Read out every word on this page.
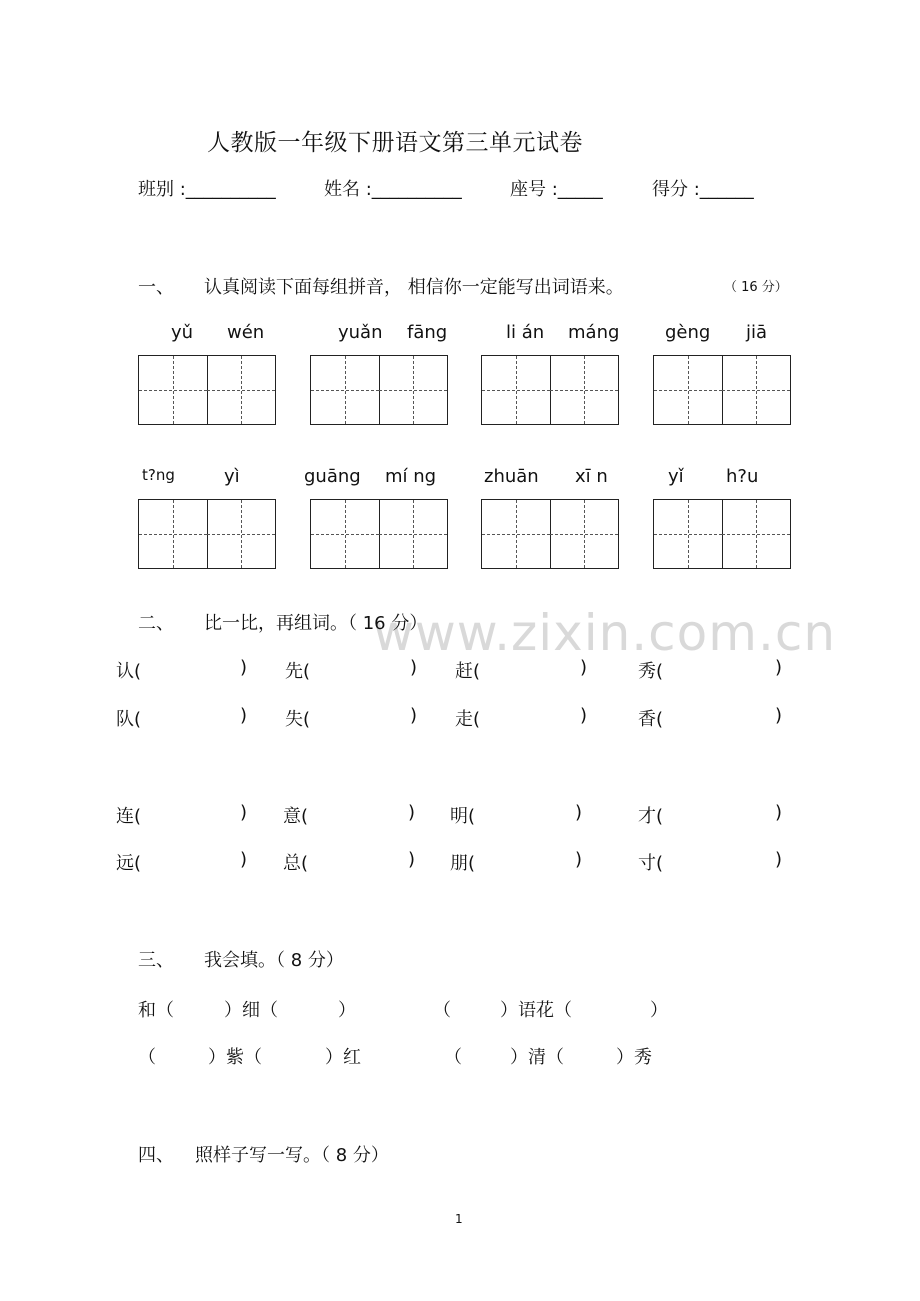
人教版一年级下册语文第三单元试卷
班别 :__________	姓名 :__________	座号 :_____	得分 :______
一、 认真阅读下面每组拼音， 相信你一定能写出词语来。	（ 16 分）
yǔ wén	yuǎn fāng	li án máng	gèng jiā
t?ng	yì	guāng mí ng	zhuān xī n	yǐ h?u
www.zixin.com.cn
二、 比一比，再组词。（ 16 分）
认(	) 先(	) 赶(	)	秀(	)
队(	) 失(	) 走(	)	香(	)
连(	) 意(	) 明(	)	才(	)
远(	) 总(	) 朋(	)	寸(	)
三、 我会填。（ 8 分）
和（	）细（	）	（	）语花（	）
（	）紫（	）红	（	）清（	）秀
四、 照样子写一写。（ 8 分）
1
